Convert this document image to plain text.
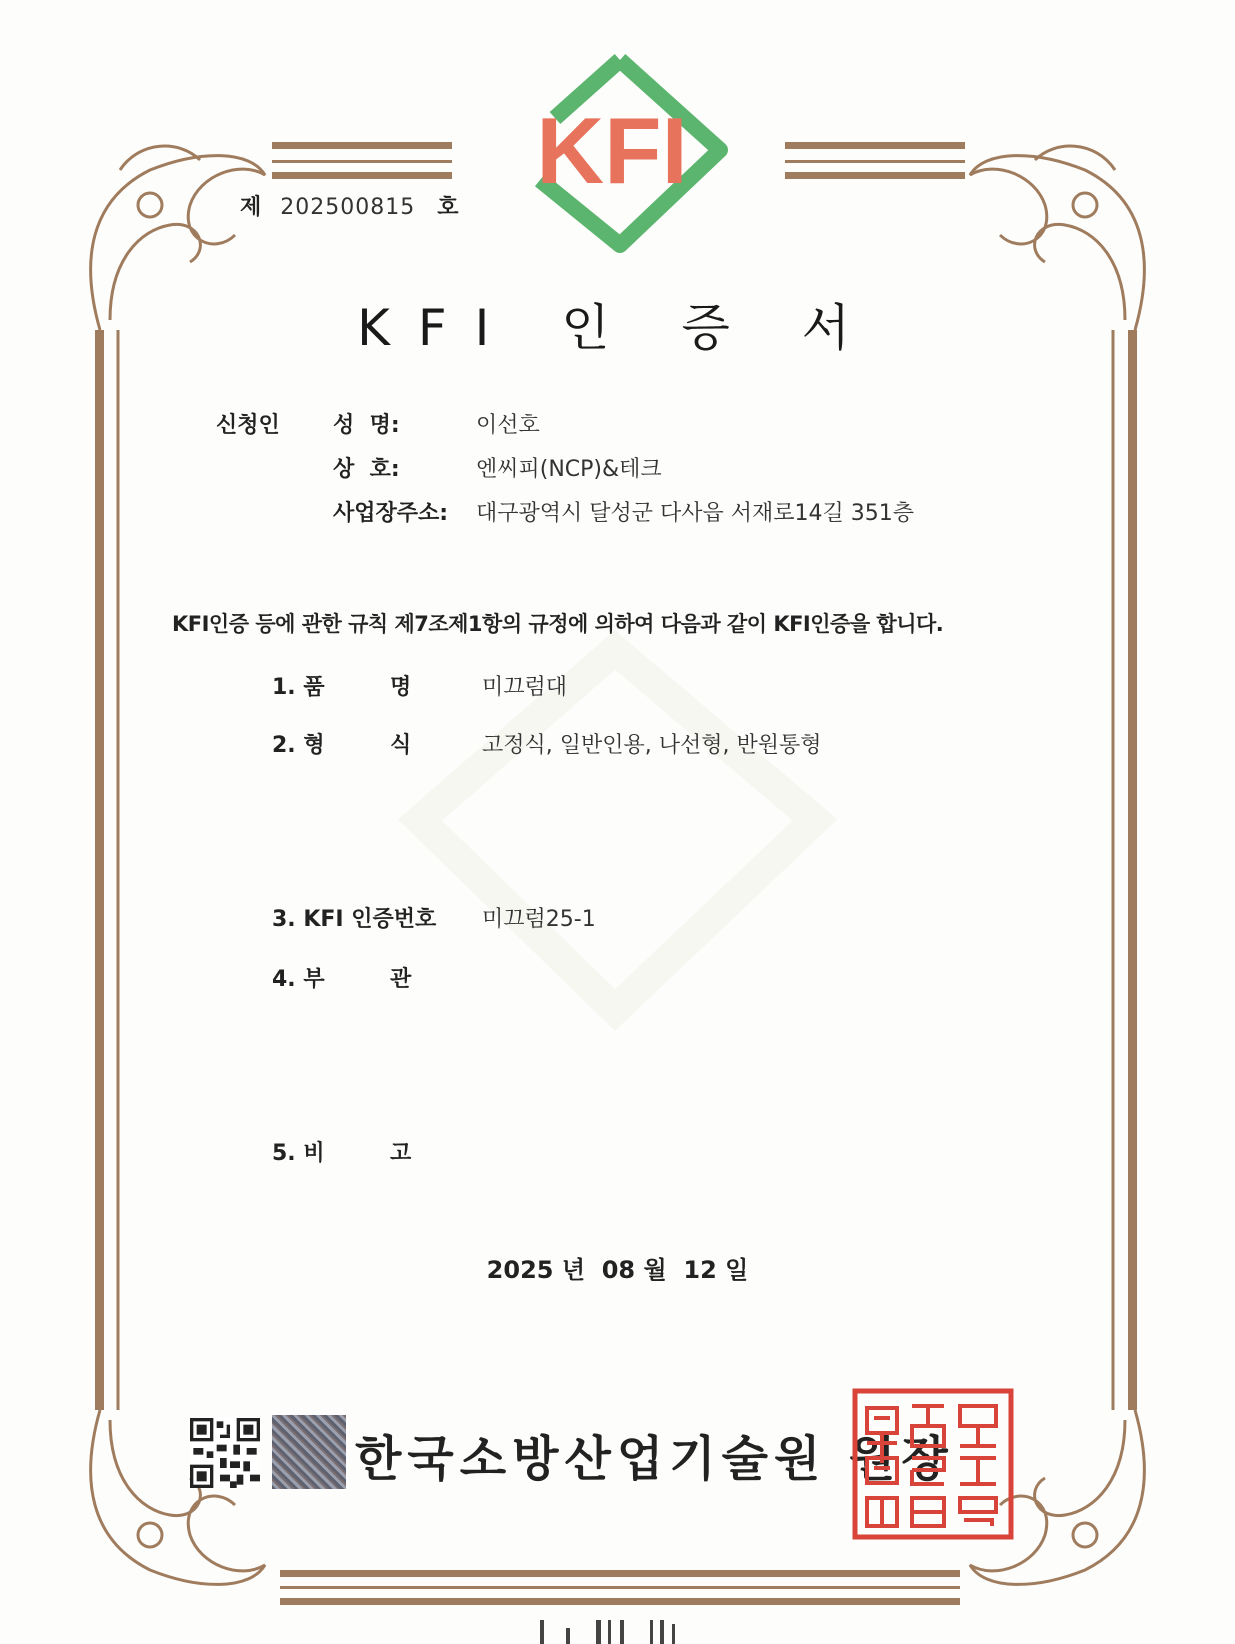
KFI
제 202500815 호
KFI 인 증 서
신청인 성  명:	이선호
상  호:	엔씨피(NCP)&테크
사업장주소: 대구광역시 달성군 다사읍 서재로14길 351층
KFI인증 등에 관한 규칙 제7조제1항의 규정에 의하여 다음과 같이 KFI인증을 합니다.
1. 품	명	미끄럼대
2. 형	식	고정식, 일반인용, 나선형, 반원통형
3. KFI 인증번호 미끄럼25-1
4. 부	관
5. 비	고
2025 년  08 월  12 일
한국소방산업기술원 원장
